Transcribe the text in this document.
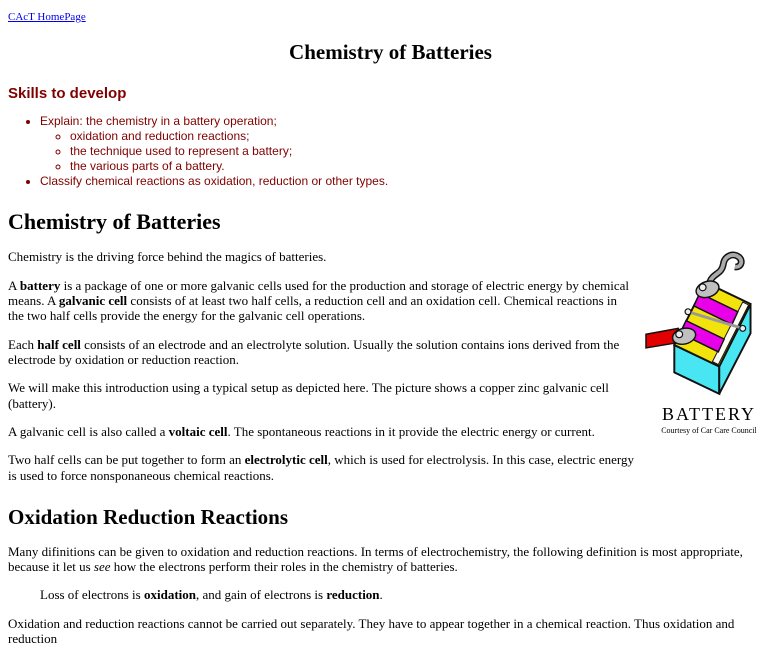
CAcT HomePage
Chemistry of Batteries
Skills to develop
• Explain: the chemistry in a battery operation;
◦ oxidation and reduction reactions;
◦ the technique used to represent a battery;
◦ the various parts of a battery.
• Classify chemical reactions as oxidation, reduction or other types.
Chemistry of Batteries
BATTERY
Courtesy of Car Care Council

Chemistry is the driving force behind the magics of batteries.

A battery is a package of one or more galvanic cells used for the production and storage of electric energy by chemical means. A galvanic cell consists of at least two half cells, a reduction cell and an oxidation cell. Chemical reactions in the two half cells provide the energy for the galvanic cell operations.

Each half cell consists of an electrode and an electrolyte solution. Usually the solution contains ions derived from the electrode by oxidation or reduction reaction.

We will make this introduction using a typical setup as depicted here. The picture shows a copper zinc galvanic cell (battery).

A galvanic cell is also called a voltaic cell. The spontaneous reactions in it provide the electric energy or current.

Two half cells can be put together to form an electrolytic cell, which is used for electrolysis. In this case, electric energy is used to force nonsponaneous chemical reactions.

Oxidation Reduction Reactions

Many difinitions can be given to oxidation and reduction reactions. In terms of electrochemistry, the following definition is most appropriate, because it let us see how the electrons perform their roles in the chemistry of batteries.

Loss of electrons is oxidation, and gain of electrons is reduction.

Oxidation and reduction reactions cannot be carried out separately. They have to appear together in a chemical reaction. Thus oxidation and reduction
